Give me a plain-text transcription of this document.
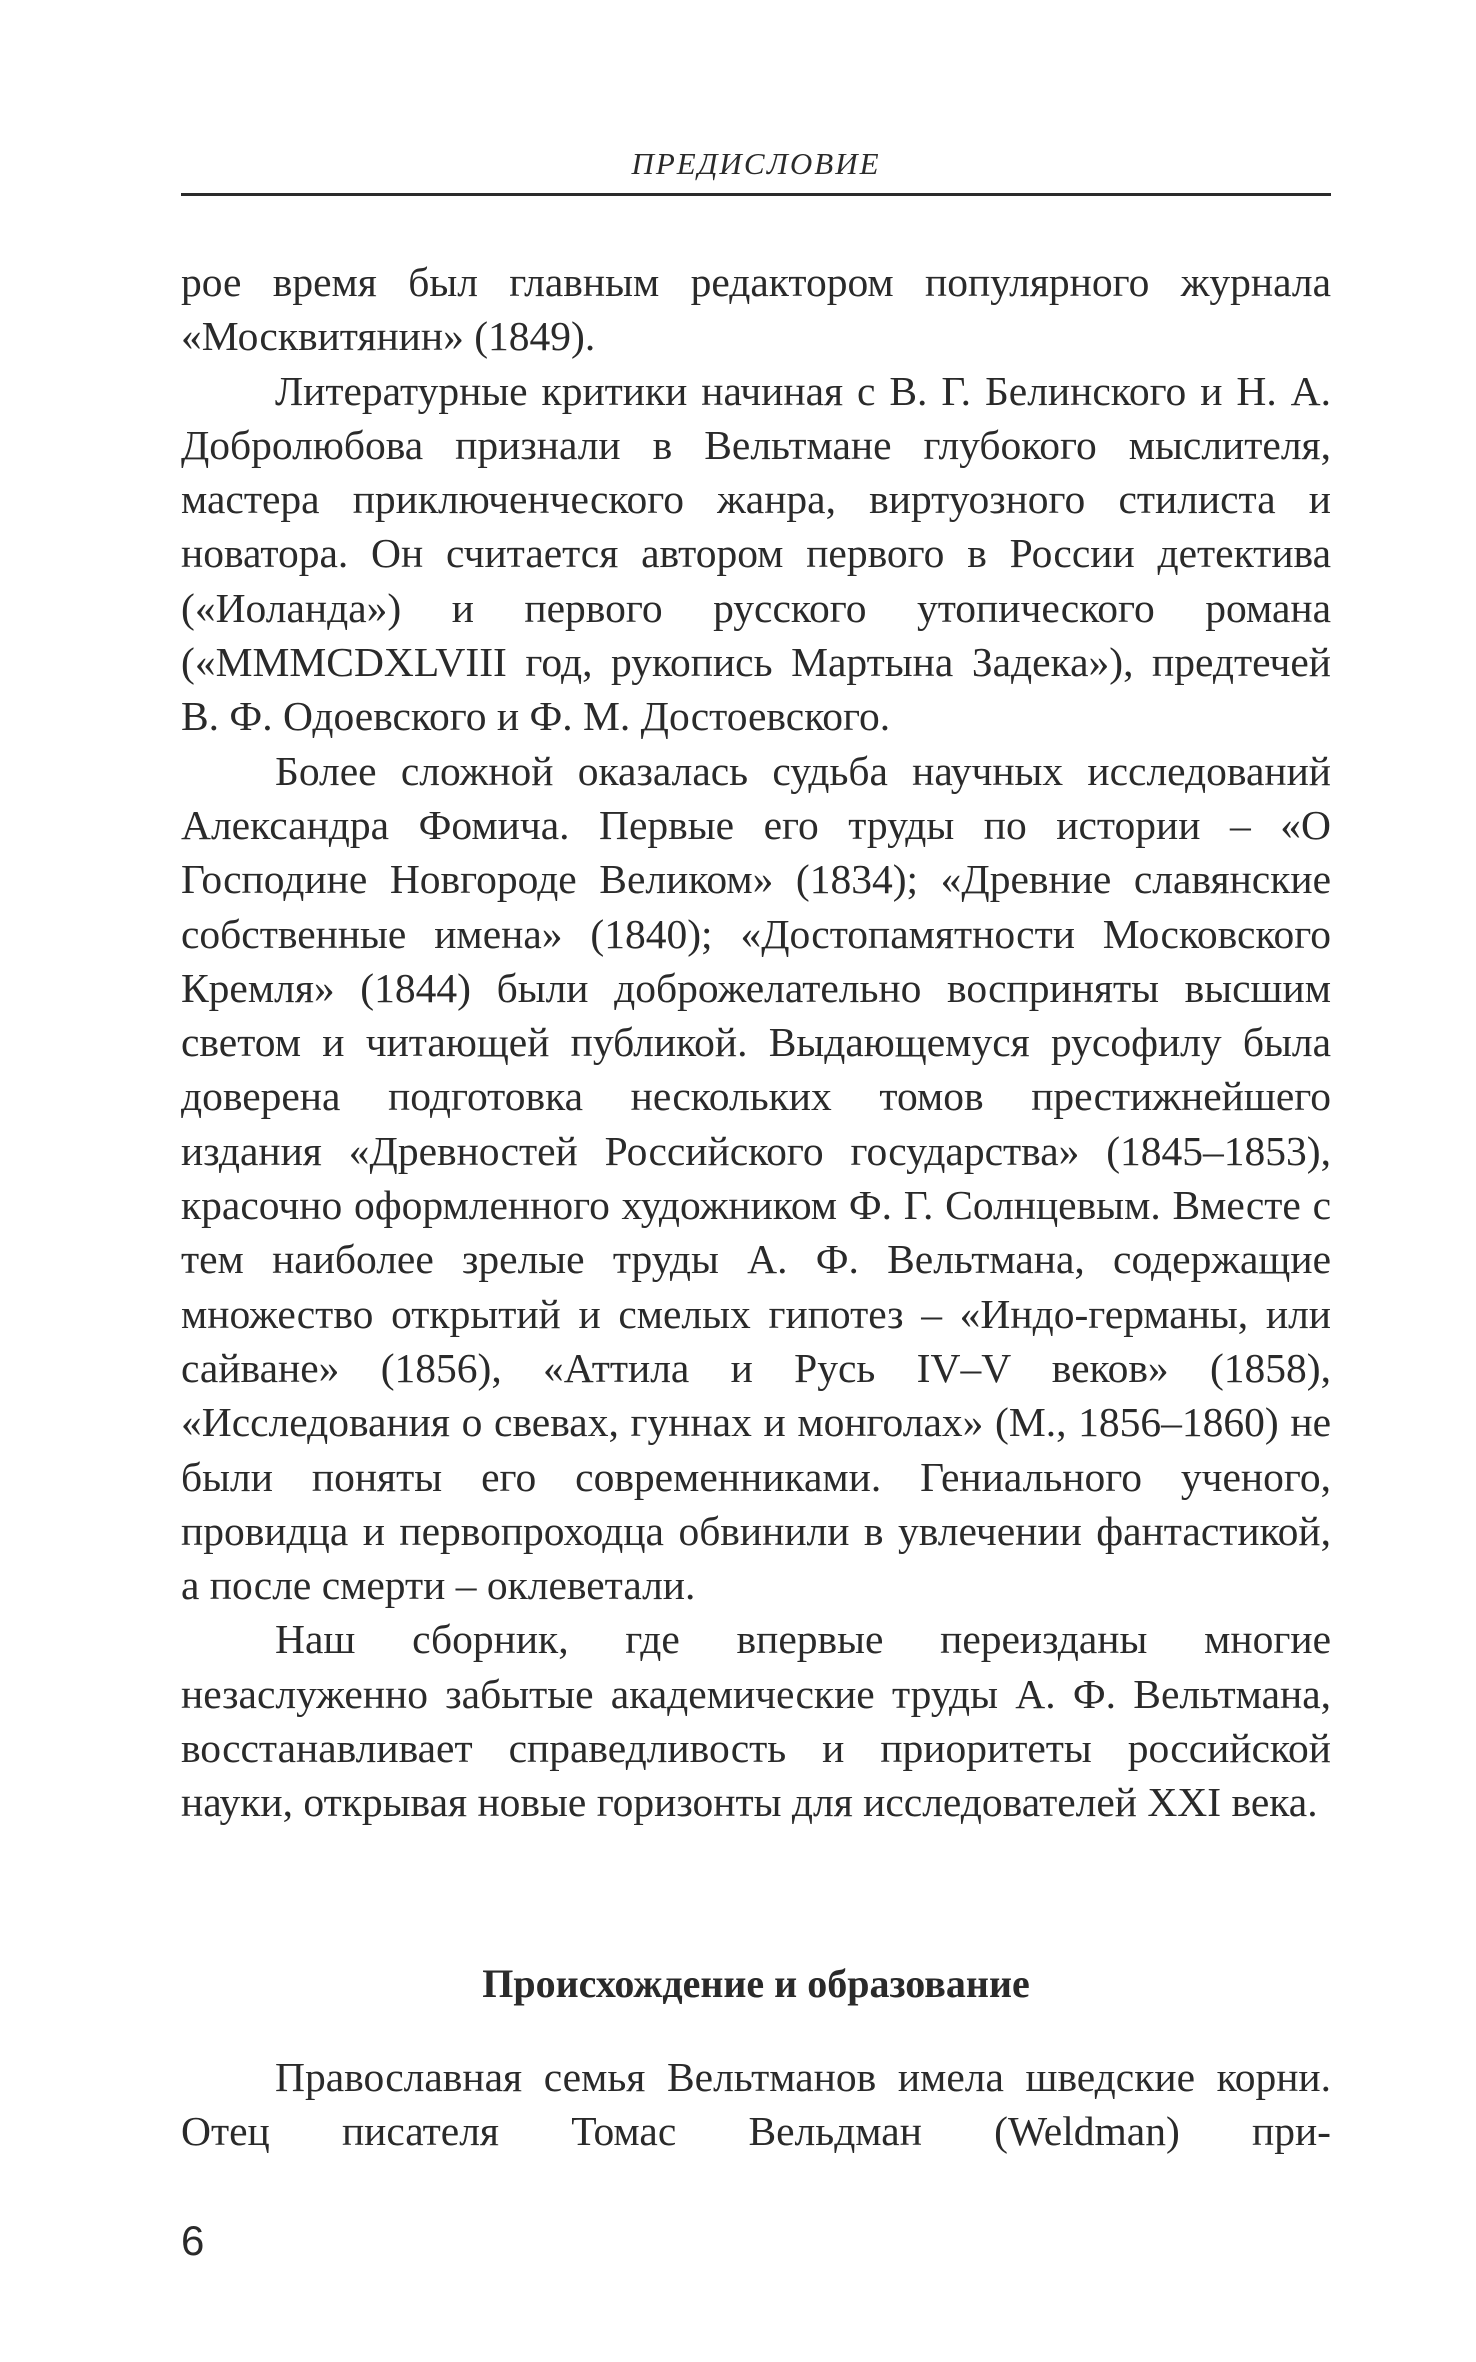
ПРЕДИСЛОВИЕ

рое время был главным редактором популярного журнала «Москвитянин» (1849).

Литературные критики начиная с В. Г. Белинского и Н. А. Добролюбова признали в Вельтмане глубокого мыслителя, мастера приключенческого жанра, виртуозного стилиста и новатора. Он считается автором первого в России детектива («Иоланда») и первого русского утопического романа («MMMCDXLVIII год, рукопись Мартына Задека»), предтечей В. Ф. Одоевского и Ф. М. Достоевского.

Более сложной оказалась судьба научных исследований Александра Фомича. Первые его труды по истории – «О Господине Новгороде Великом» (1834); «Древние славянские собственные имена» (1840); «Достопамятности Московского Кремля» (1844) были доброжелательно восприняты высшим светом и читающей публикой. Выдающемуся русофилу была доверена подготовка нескольких томов престижнейшего издания «Древностей Российского государства» (1845–1853), красочно оформленного художником Ф. Г. Солнцевым. Вместе с тем наиболее зрелые труды А. Ф. Вельтмана, содержащие множество открытий и смелых гипотез – «Индо-германы, или сайване» (1856), «Аттила и Русь IV–V веков» (1858), «Исследования о свевах, гуннах и монголах» (М., 1856–1860) не были поняты его современниками. Гениального ученого, провидца и первопроходца обвинили в увлечении фантастикой, а после смерти – оклеветали.

Наш сборник, где впервые переизданы многие незаслуженно забытые академические труды А. Ф. Вельтмана, восстанавливает справедливость и приоритеты российской науки, открывая новые горизонты для исследователей XXI века.

Происхождение и образование

Православная семья Вельтманов имела шведские корни. Отец писателя Томас Вельдман (Weldman) при-

6
